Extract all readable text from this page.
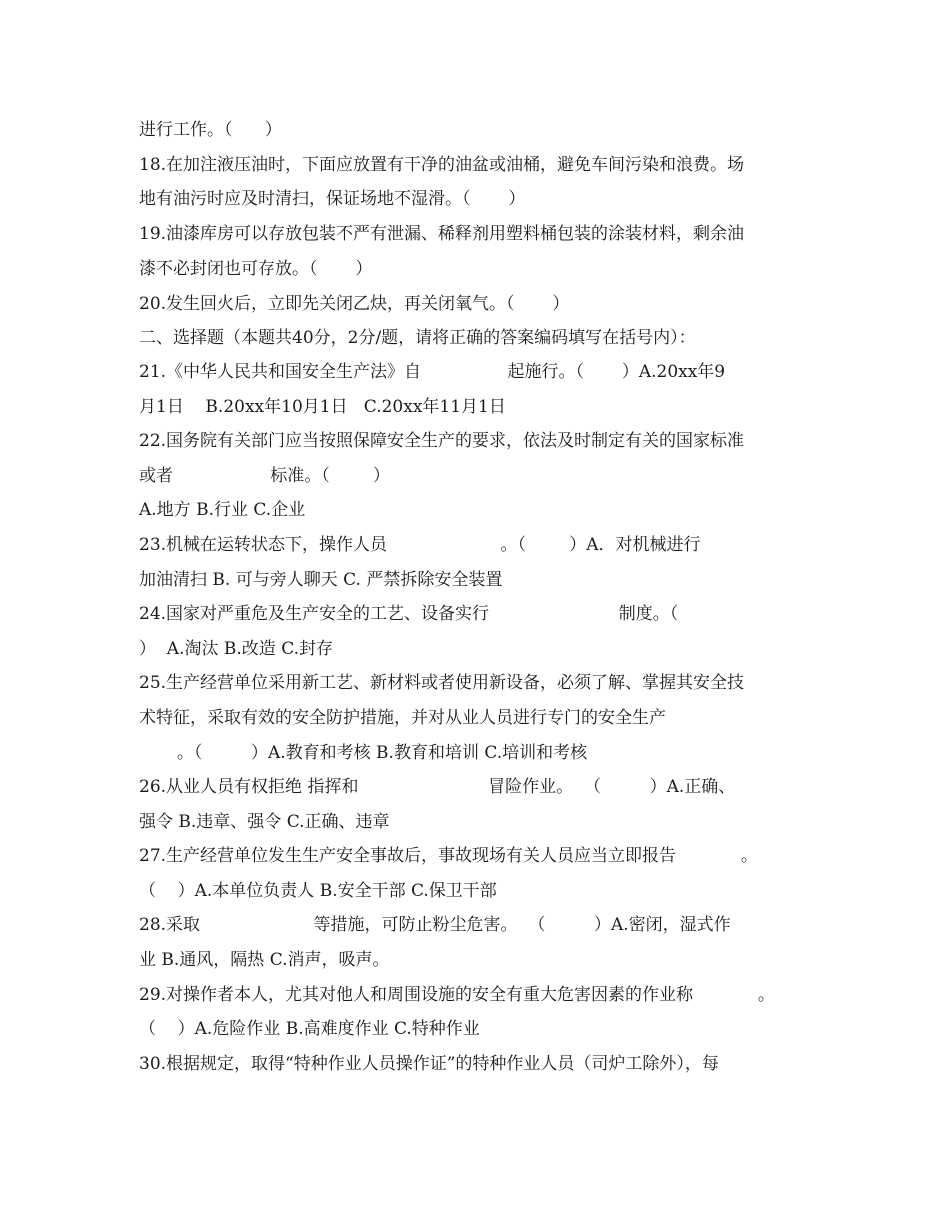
进行工作。（      ）
18.在加注液压油时，下面应放置有干净的油盆或油桶，避免车间污染和浪费。场
地有油污时应及时清扫，保证场地不湿滑。（       ）
19.油漆库房可以存放包装不严有泄漏、稀释剂用塑料桶包装的涂装材料，剩余油
漆不必封闭也可存放。（       ）
20.发生回火后，立即先关闭乙炔，再关闭氧气。（       ）
二、选择题（本题共40分，2分/题，请将正确的答案编码填写在括号内）：
21.《中华人民共和国安全生产法》自                起施行。（       ）A.20xx年9
月1日    B.20xx年10月1日   C.20xx年11月1日
22.国务院有关部门应当按照保障安全生产的要求，依法及时制定有关的国家标准
或者                  标准。（        ）
A.地方 B.行业 C.企业
23.机械在运转状态下，操作人员                     。（        ）A．对机械进行
加油清扫 B. 可与旁人聊天 C. 严禁拆除安全装置
24.国家对严重危及生产安全的工艺、设备实行                        制度。（
）  A.淘汰 B.改造 C.封存
25.生产经营单位采用新工艺、新材料或者使用新设备，必须了解、掌握其安全技
术特征，采取有效的安全防护措施，并对从业人员进行专门的安全生产
。（         ）A.教育和考核 B.教育和培训 C.培训和考核
26.从业人员有权拒绝 指挥和                        冒险作业。  （         ）A.正确、
强令 B.违章、强令 C.正确、违章
27.生产经营单位发生生产安全事故后，事故现场有关人员应当立即报告            。
（    ）A.本单位负责人 B.安全干部 C.保卫干部
28.采取                     等措施，可防止粉尘危害。  （         ）A.密闭，湿式作
业 B.通风，隔热 C.消声，吸声。
29.对操作者本人，尤其对他人和周围设施的安全有重大危害因素的作业称            。
（    ）A.危险作业 B.高难度作业 C.特种作业
30.根据规定，取得“特种作业人员操作证”的特种作业人员（司炉工除外），每
